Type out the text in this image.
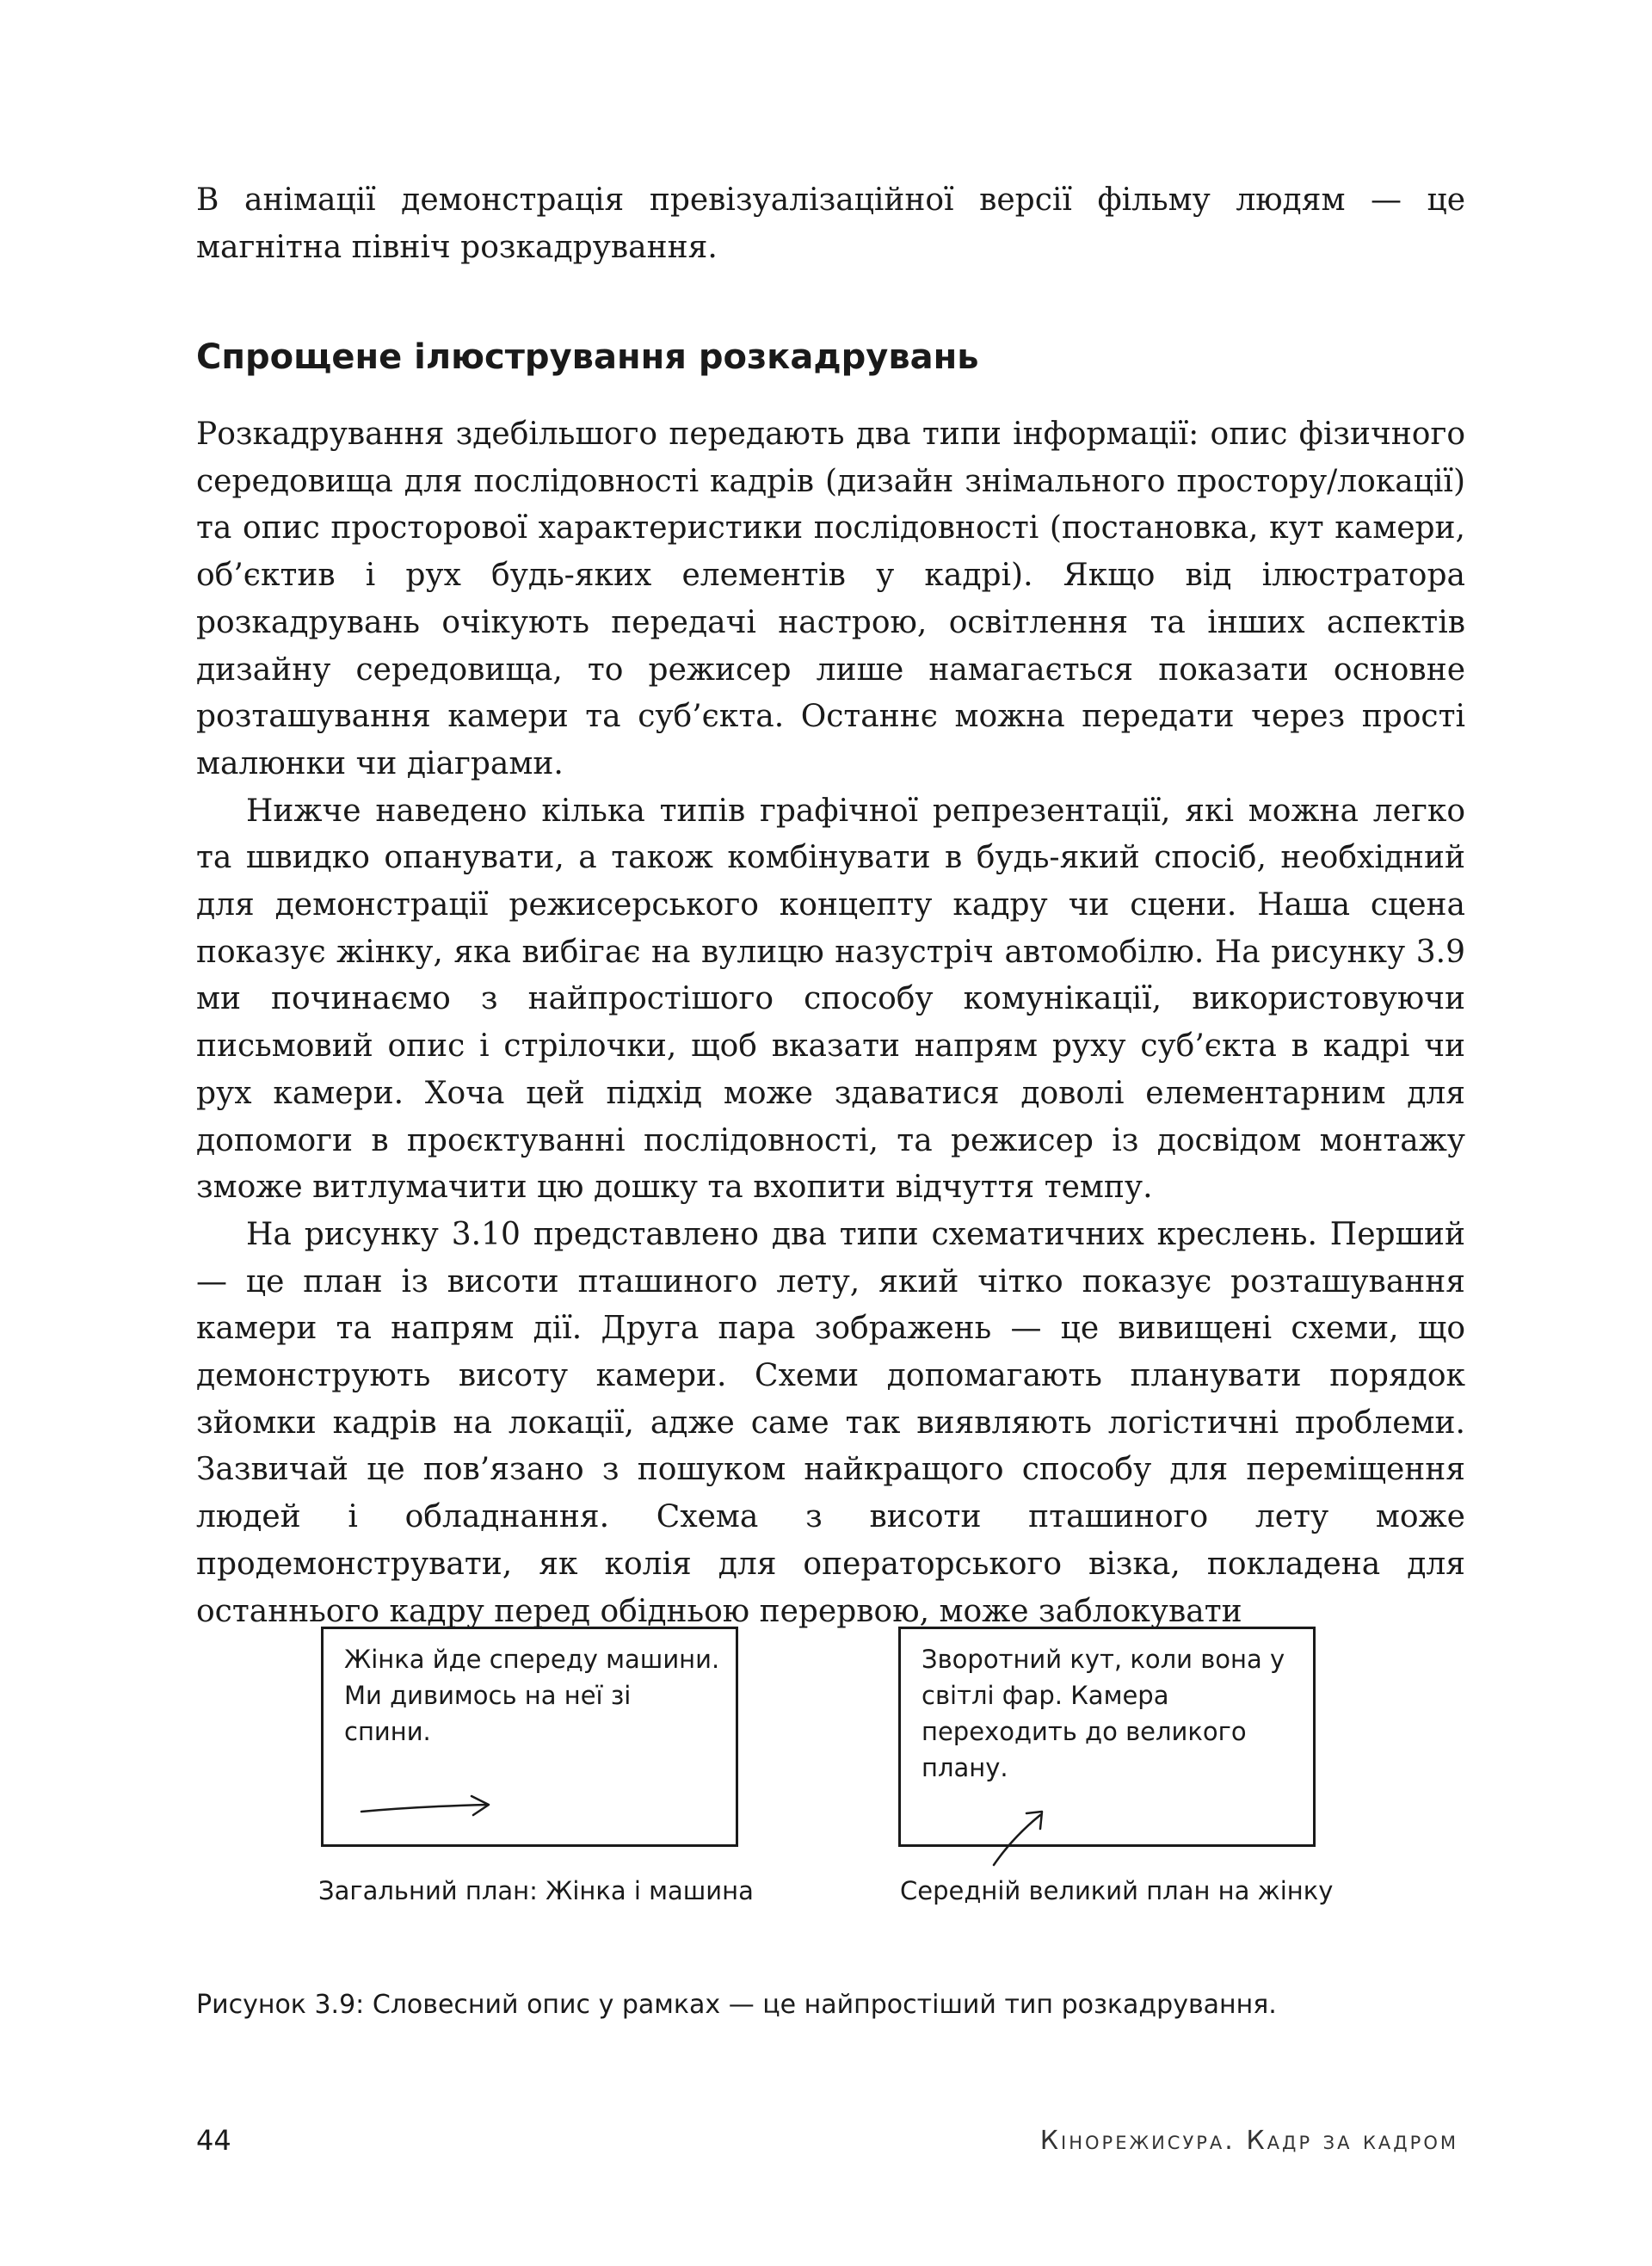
В анімації демонстрація превізуалізаційної версії фільму людям — це магнітна північ розкадрування.

Спрощене ілюстрування розкадрувань

Розкадрування здебільшого передають два типи інформації: опис фізичного середовища для послідовності кадрів (дизайн знімального простору/локації) та опис просторової характеристики послідовності (постановка, кут камери, об’єктив і рух будь-яких елементів у кадрі). Якщо від ілюстратора розкадрувань очікують передачі настрою, освітлення та інших аспектів дизайну середовища, то режисер лише намагається показати основне розташування камери та суб’єкта. Останнє можна передати через прості малюнки чи діаграми.

Нижче наведено кілька типів графічної репрезентації, які можна легко та швидко опанувати, а також комбінувати в будь-який спосіб, необхідний для демонстрації режисерського концепту кадру чи сцени. Наша сцена показує жінку, яка вибігає на вулицю назустріч автомобілю. На рисунку 3.9 ми починаємо з найпростішого способу комунікації, використовуючи письмовий опис і стрілочки, щоб вказати напрям руху суб’єкта в кадрі чи рух камери. Хоча цей підхід може здаватися доволі елементарним для допомоги в проєктуванні послідовності, та режисер із досвідом монтажу зможе витлумачити цю дошку та вхопити відчуття темпу.

На рисунку 3.10 представлено два типи схематичних креслень. Перший — це план із висоти пташиного лету, який чітко показує розташування камери та напрям дії. Друга пара зображень — це вивищені схеми, що демонструють висоту камери. Схеми допомагають планувати порядок зйомки кадрів на локації, адже саме так виявляють логістичні проблеми. Зазвичай це пов’язано з пошуком найкращого способу для переміщення людей і обладнання. Схема з висоти пташиного лету може продемонструвати, як колія для операторського візка, покладена для останнього кадру перед обідньою перервою, може заблокувати

Жінка йде спереду машини. Ми дивимось на неї зі спини.
Загальний план: Жінка і машина
Зворотний кут, коли вона у світлі фар. Камера переходить до великого плану.
Середній великий план на жінку
Рисунок 3.9: Словесний опис у рамках — це найпростіший тип розкадрування.
44	Кінорежисура. Кадр за кадром
